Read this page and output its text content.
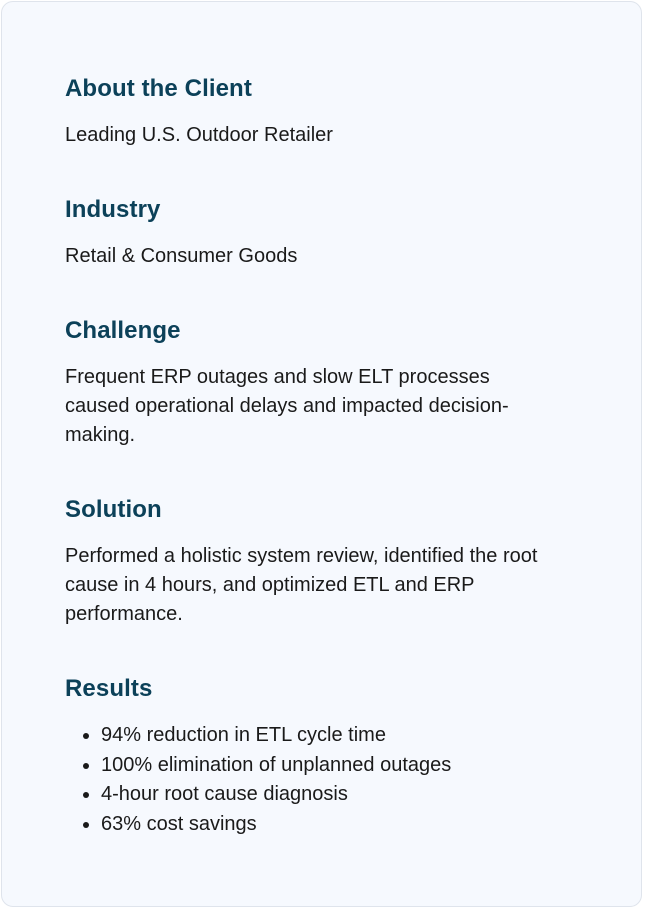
About the Client

Leading U.S. Outdoor Retailer

Industry

Retail & Consumer Goods

Challenge

Frequent ERP outages and slow ELT processes caused operational delays and impacted decision-making.

Solution

Performed a holistic system review, identified the root cause in 4 hours, and optimized ETL and ERP performance.

Results
• 94% reduction in ETL cycle time
• 100% elimination of unplanned outages
• 4-hour root cause diagnosis
• 63% cost savings
